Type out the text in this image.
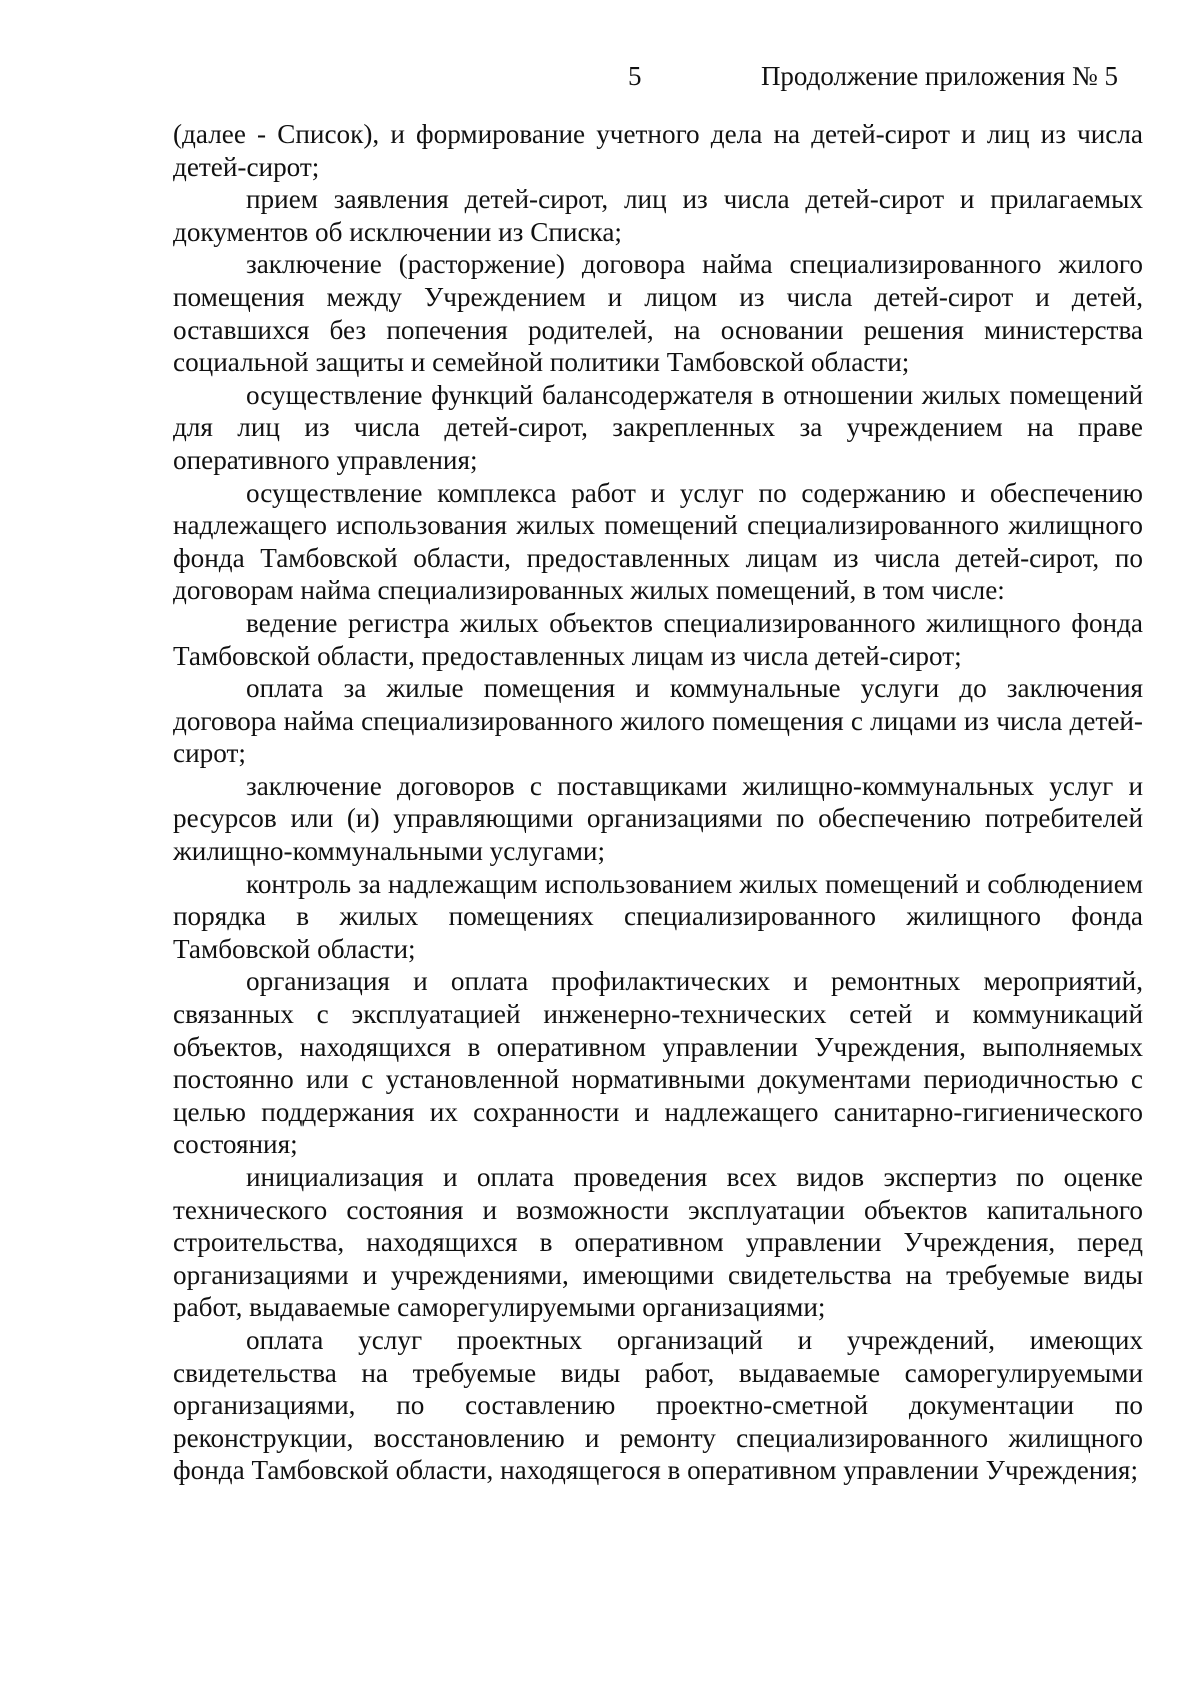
5	Продолжение приложения № 5

(далее - Список), и формирование учетного дела на детей-сирот и лиц из числа детей-сирот;

прием заявления детей-сирот, лиц из числа детей-сирот и прилагаемых документов об исключении из Списка;

заключение (расторжение) договора найма специализированного жилого помещения между Учреждением и лицом из числа детей-сирот и детей, оставшихся без попечения родителей, на основании решения министерства социальной защиты и семейной политики Тамбовской области;

осуществление функций балансодержателя в отношении жилых помещений для лиц из числа детей-сирот, закрепленных за учреждением на праве оперативного управления;

осуществление комплекса работ и услуг по содержанию и обеспечению надлежащего использования жилых помещений специализированного жилищного фонда Тамбовской области, предоставленных лицам из числа детей-сирот, по договорам найма специализированных жилых помещений, в том числе:

ведение регистра жилых объектов специализированного жилищного фонда Тамбовской области, предоставленных лицам из числа детей-сирот;

оплата за жилые помещения и коммунальные услуги до заключения договора найма специализированного жилого помещения с лицами из числа детей-сирот;

заключение договоров с поставщиками жилищно-коммунальных услуг и ресурсов или (и) управляющими организациями по обеспечению потребителей жилищно-коммунальными услугами;

контроль за надлежащим использованием жилых помещений и соблюдением порядка в жилых помещениях специализированного жилищного фонда Тамбовской области;

организация и оплата профилактических и ремонтных мероприятий, связанных с эксплуатацией инженерно-технических сетей и коммуникаций объектов, находящихся в оперативном управлении Учреждения, выполняемых постоянно или с установленной нормативными документами периодичностью с целью поддержания их сохранности и надлежащего санитарно-гигиенического состояния;

инициализация и оплата проведения всех видов экспертиз по оценке технического состояния и возможности эксплуатации объектов капитального строительства, находящихся в оперативном управлении Учреждения, перед организациями и учреждениями, имеющими свидетельства на требуемые виды работ, выдаваемые саморегулируемыми организациями;

оплата услуг проектных организаций и учреждений, имеющих свидетельства на требуемые виды работ, выдаваемые саморегулируемыми организациями, по составлению проектно-сметной документации по реконструкции, восстановлению и ремонту специализированного жилищного фонда Тамбовской области, находящегося в оперативном управлении Учреждения;
